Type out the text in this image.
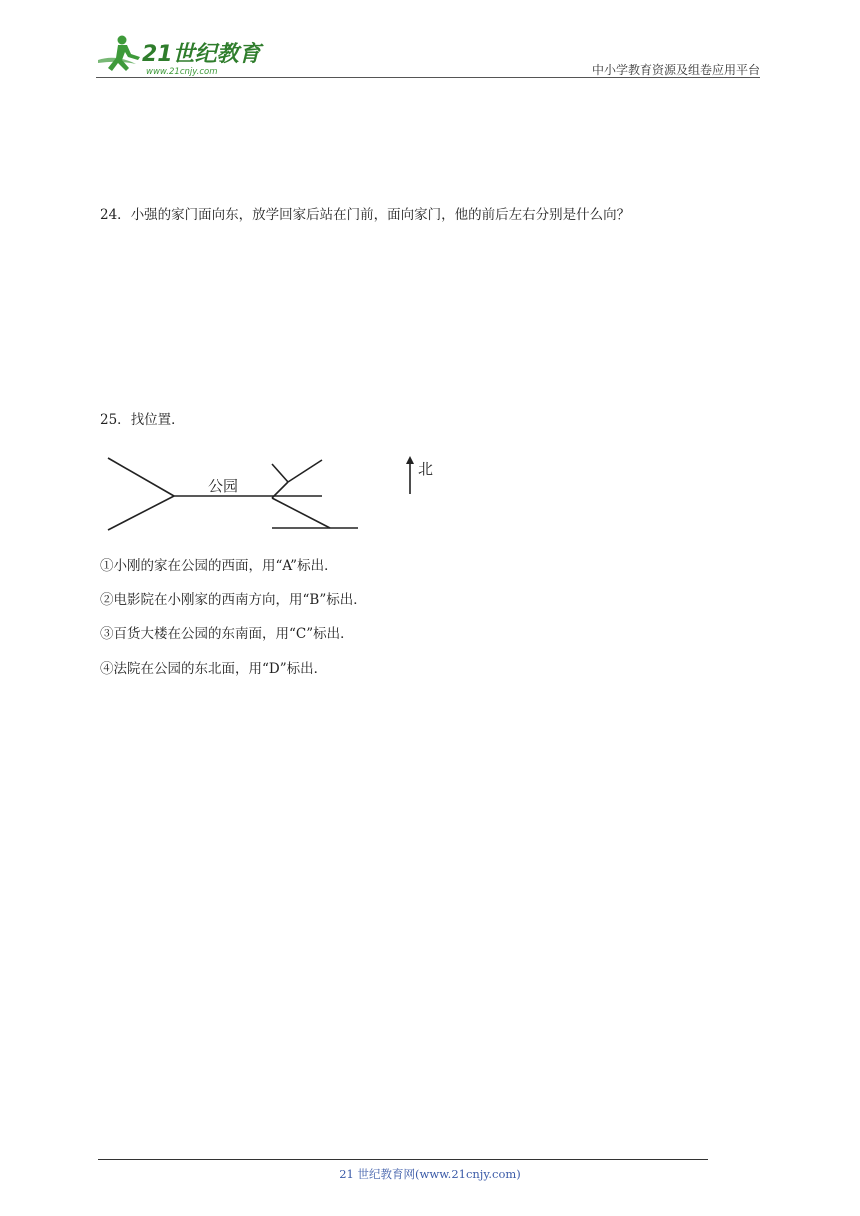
21世纪教育
www.21cnjy.com	中小学教育资源及组卷应用平台
24．小强的家门面向东，放学回家后站在门前，面向家门，他的前后左右分别是什么向？
25．找位置．
公园
北
①小刚的家在公园的西面，用“A”标出．
②电影院在小刚家的西南方向，用“B”标出．
③百货大楼在公园的东南面，用“C”标出．
④法院在公园的东北面，用“D”标出．
21 世纪教育网(www.21cnjy.com)
